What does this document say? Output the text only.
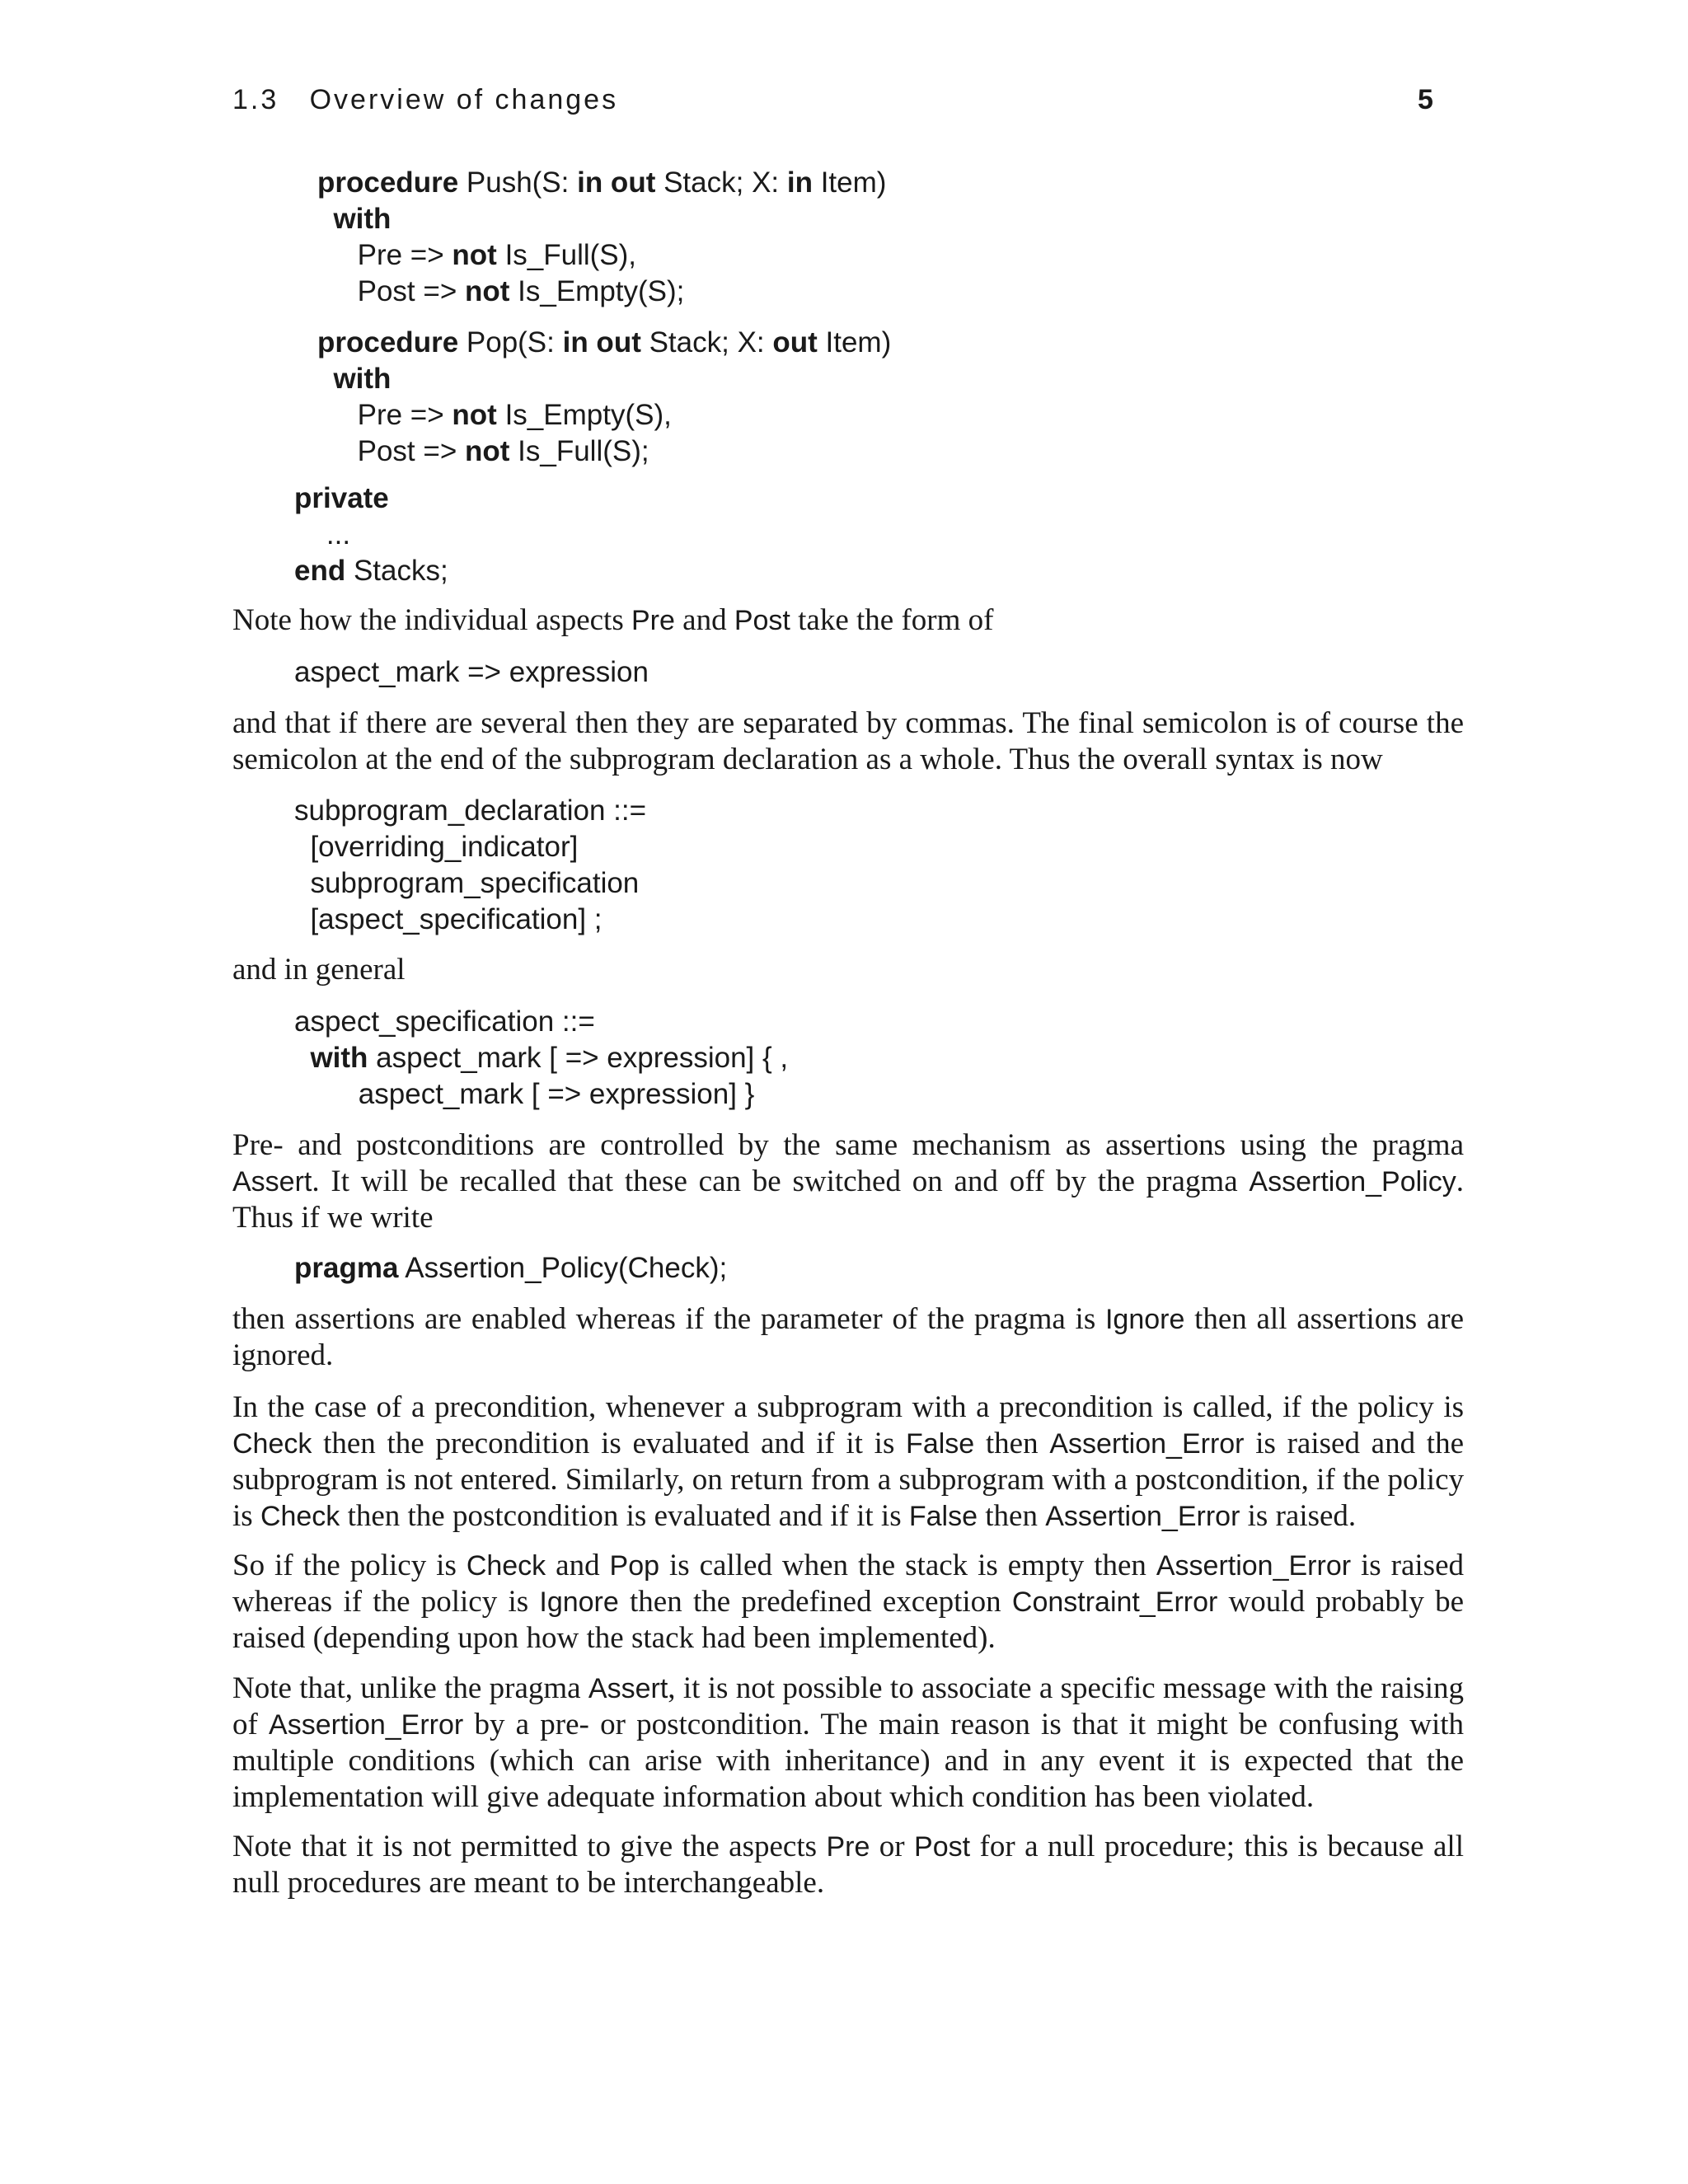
1.3   Overview of changes	5
procedure Push(S: in out Stack; X: in Item)
with
Pre => not Is_Full(S),
Post => not Is_Empty(S);
procedure Pop(S: in out Stack; X: out Item)
with
Pre => not Is_Empty(S),
Post => not Is_Full(S);
private
...
end Stacks;

Note how the individual aspects Pre and Post take the form of

aspect_mark => expression

and that if there are several then they are separated by commas. The final semicolon is of course the semicolon at the end of the subprogram declaration as a whole. Thus the overall syntax is now

subprogram_declaration ::=
[overriding_indicator]
subprogram_specification
[aspect_specification] ;

and in general

aspect_specification ::=
with aspect_mark [ => expression] { ,
aspect_mark [ => expression] }

Pre- and postconditions are controlled by the same mechanism as assertions using the pragma Assert. It will be recalled that these can be switched on and off by the pragma Assertion_Policy. Thus if we write

pragma Assertion_Policy(Check);

then assertions are enabled whereas if the parameter of the pragma is Ignore then all assertions are ignored.

In the case of a precondition, whenever a subprogram with a precondition is called, if the policy is Check then the precondition is evaluated and if it is False then Assertion_Error is raised and the subprogram is not entered. Similarly, on return from a subprogram with a postcondition, if the policy is Check then the postcondition is evaluated and if it is False then Assertion_Error is raised.

So if the policy is Check and Pop is called when the stack is empty then Assertion_Error is raised whereas if the policy is Ignore then the predefined exception Constraint_Error would probably be raised (depending upon how the stack had been implemented).

Note that, unlike the pragma Assert, it is not possible to associate a specific message with the raising of Assertion_Error by a pre- or postcondition. The main reason is that it might be confusing with multiple conditions (which can arise with inheritance) and in any event it is expected that the implementation will give adequate information about which condition has been violated.

Note that it is not permitted to give the aspects Pre or Post for a null procedure; this is because all null procedures are meant to be interchangeable.
